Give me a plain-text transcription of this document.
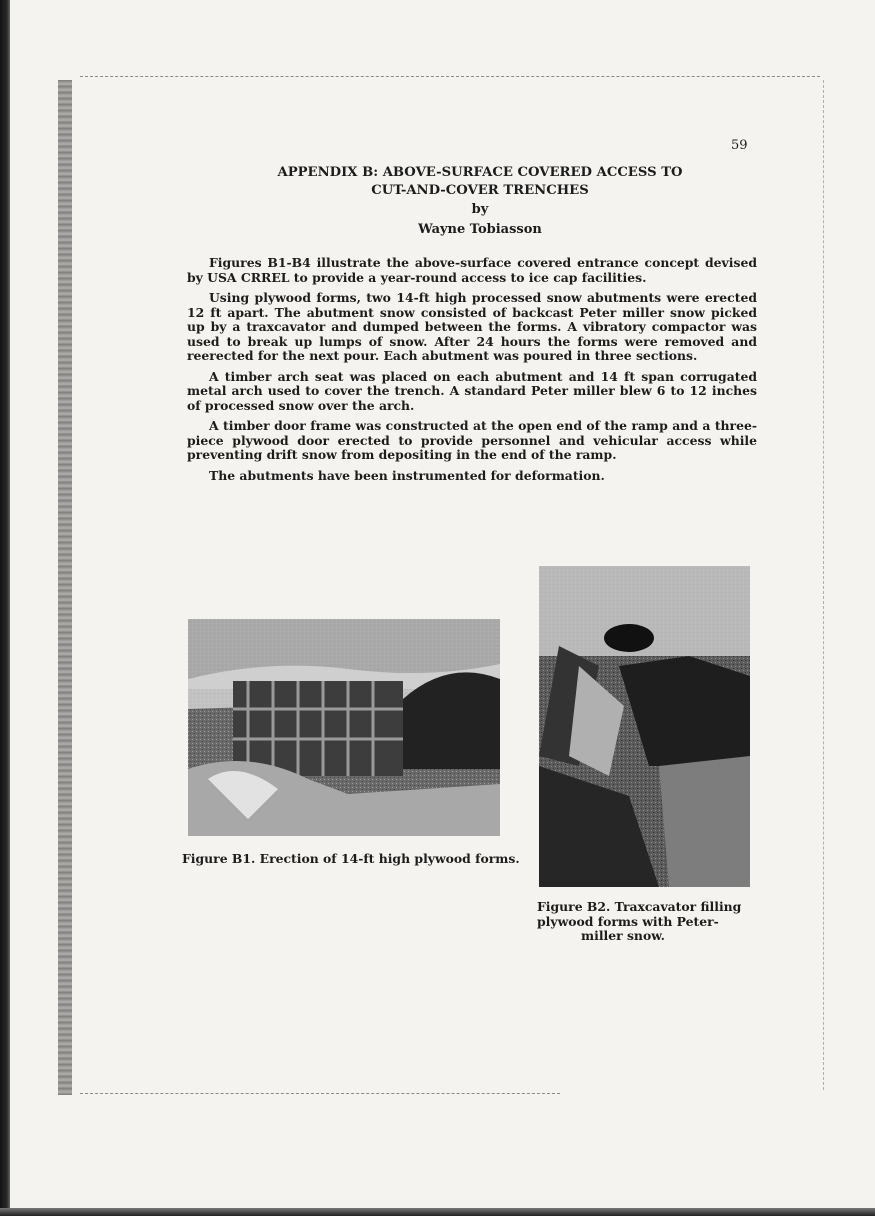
59
APPENDIX B: ABOVE-SURFACE COVERED ACCESS TO
CUT-AND-COVER TRENCHES
by
Wayne Tobiasson

Figures B1-B4 illustrate the above-surface covered entrance concept devised by USA CRREL to provide a year-round access to ice cap facilities.

Using plywood forms, two 14-ft high processed snow abutments were erected 12 ft apart. The abutment snow consisted of backcast Peter miller snow picked up by a traxcavator and dumped between the forms. A vibratory compactor was used to break up lumps of snow. After 24 hours the forms were removed and reerected for the next pour. Each abutment was poured in three sections.

A timber arch seat was placed on each abutment and 14 ft span corrugated metal arch used to cover the trench. A standard Peter miller blew 6 to 12 inches of processed snow over the arch.

A timber door frame was constructed at the open end of the ramp and a three-piece plywood door erected to provide personnel and vehicular access while preventing drift snow from depositing in the end of the ramp.

The abutments have been instrumented for deformation.

Figure B1. Erection of 14-ft high plywood forms.
Figure B2. Traxcavator filling
plywood forms with Peter-
miller snow.
